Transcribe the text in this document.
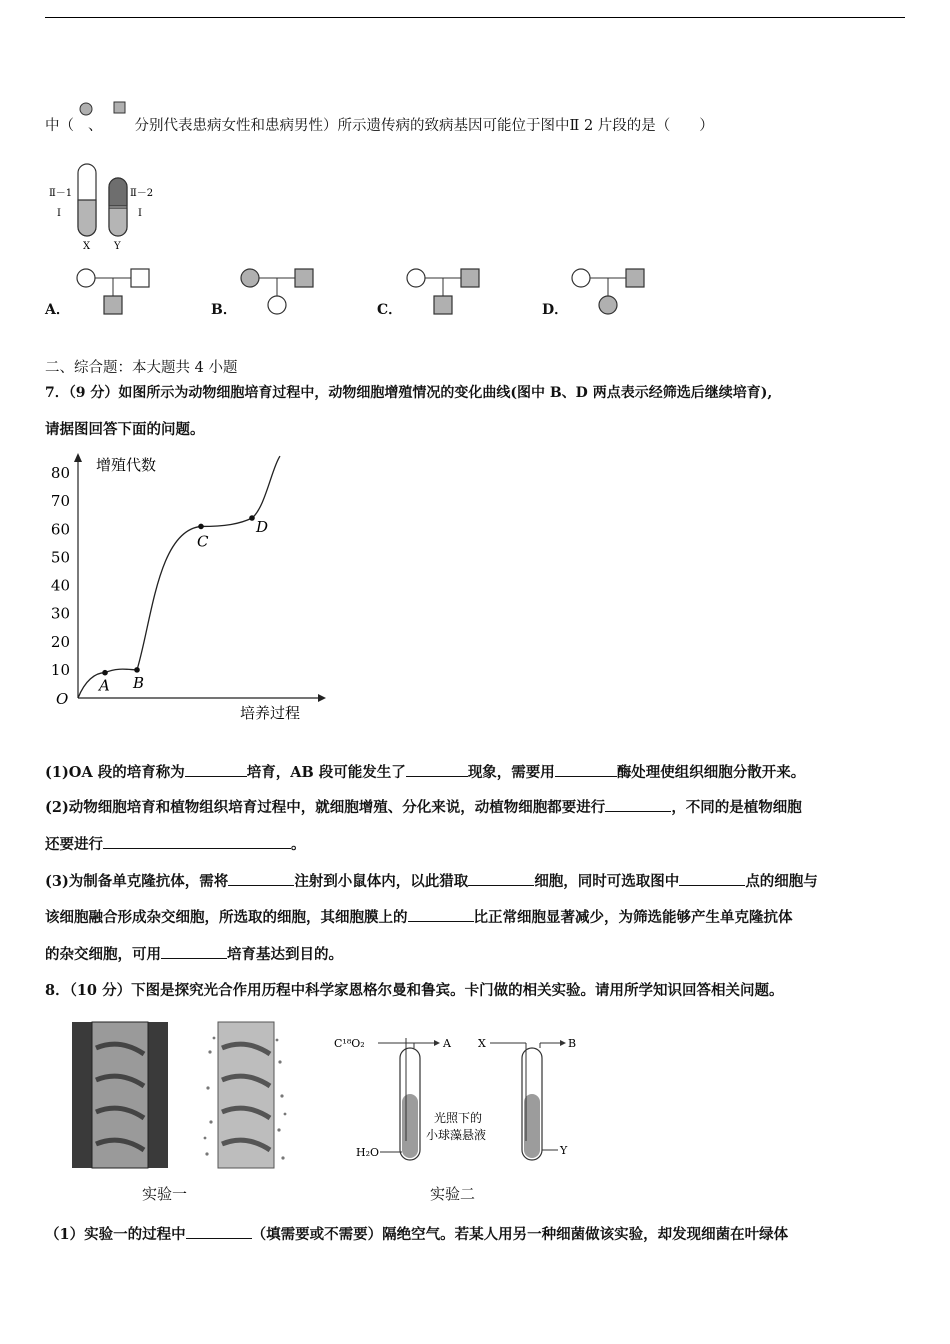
中（ 、 分别代表患病女性和患病男性）所示遗传病的致病基因可能位于图中Ⅱ 2 片段的是（　　）
Ⅱ－1
Ⅰ
Ⅱ－2
Ⅰ
X Y
A．	B．	C．	D．
二、综合题：本大题共 4 小题
7．（9 分）如图所示为动物细胞培育过程中，动物细胞增殖情况的变化曲线(图中 B、D 两点表示经筛选后继续培育),
请据图回答下面的问题。
增殖代数
培养过程
O
10
20
30
40
50
60
70
80
A B
C
D
(1)OA 段的培育称为	培育，AB 段可能发生了	现象，需要用	酶处理使组织细胞分散开来。
(2)动物细胞培育和植物组织培育过程中，就细胞增殖、分化来说，动植物细胞都要进行	，不同的是植物细胞
还要进行	。
(3)为制备单克隆抗体，需将	注射到小鼠体内，以此猎取	细胞，同时可选取图中	点的细胞与
该细胞融合形成杂交细胞，所选取的细胞，其细胞膜上的	比正常细胞显著减少，为筛选能够产生单克隆抗体
的杂交细胞，可用	培育基达到目的。
8．（10 分）下图是探究光合作用历程中科学家恩格尔曼和鲁宾。卡门做的相关实验。请用所学知识回答相关问题。
实验一
C¹⁸O₂	A
H₂O
光照下的
小球藻悬液
X	B
Y
实验二
（1）实验一的过程中	（填需要或不需要）隔绝空气。若某人用另一种细菌做该实验，却发现细菌在叶绿体
